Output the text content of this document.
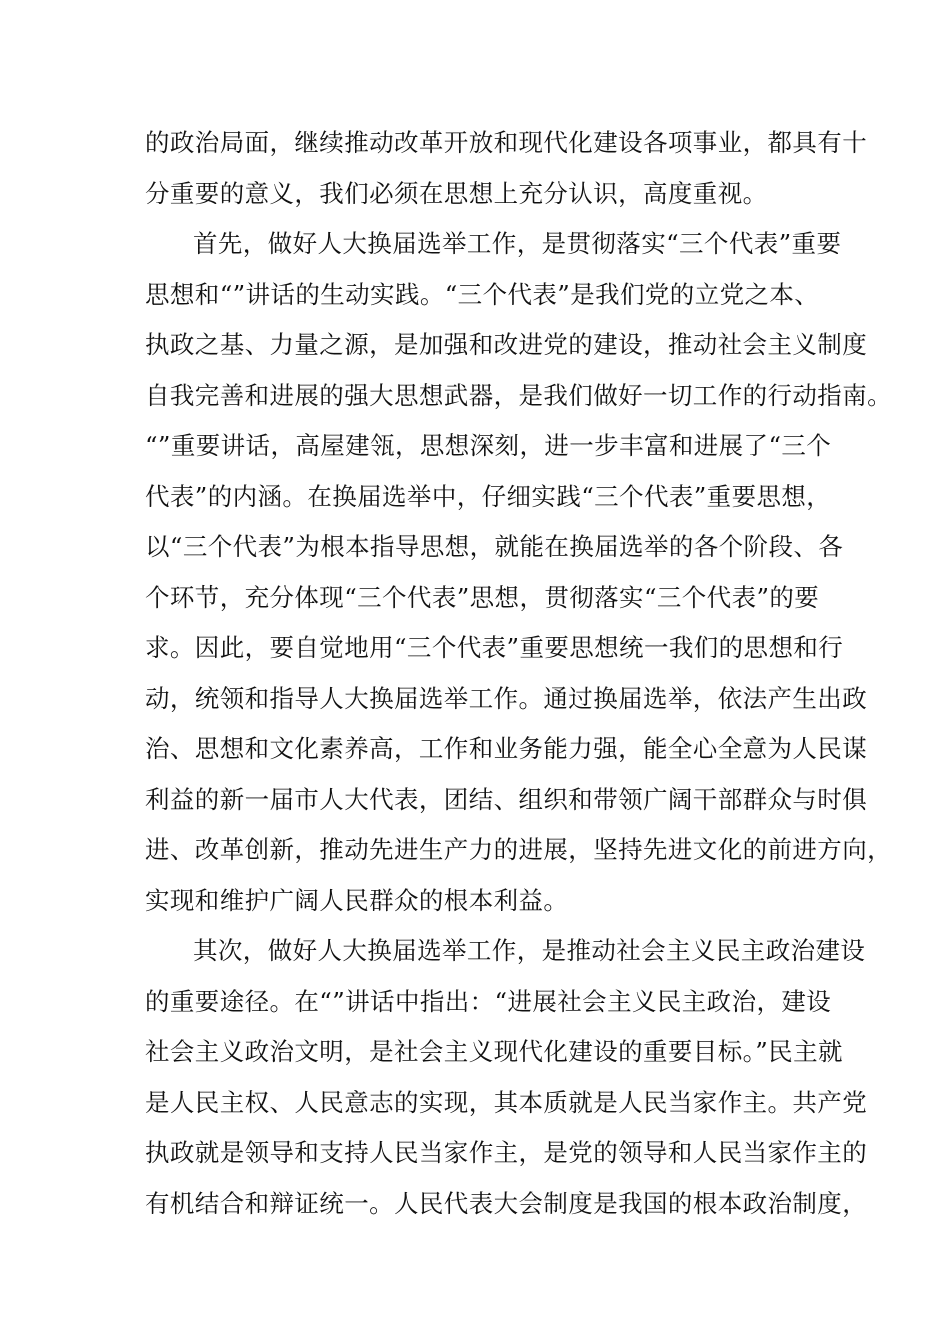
的政治局面，继续推动改革开放和现代化建设各项事业，都具有十
分重要的意义，我们必须在思想上充分认识，高度重视。
首先，做好人大换届选举工作，是贯彻落实“三个代表”重要
思想和“”讲话的生动实践。“三个代表”是我们党的立党之本、
执政之基、力量之源，是加强和改进党的建设，推动社会主义制度
自我完善和进展的强大思想武器，是我们做好一切工作的行动指南。
“”重要讲话，高屋建瓴，思想深刻，进一步丰富和进展了“三个
代表”的内涵。在换届选举中，仔细实践“三个代表”重要思想，
以“三个代表”为根本指导思想，就能在换届选举的各个阶段、各
个环节，充分体现“三个代表”思想，贯彻落实“三个代表”的要
求。因此，要自觉地用“三个代表”重要思想统一我们的思想和行
动，统领和指导人大换届选举工作。通过换届选举，依法产生出政
治、思想和文化素养高，工作和业务能力强，能全心全意为人民谋
利益的新一届市人大代表，团结、组织和带领广阔干部群众与时俱
进、改革创新，推动先进生产力的进展，坚持先进文化的前进方向，
实现和维护广阔人民群众的根本利益。
其次，做好人大换届选举工作，是推动社会主义民主政治建设
的重要途径。在“”讲话中指出：“进展社会主义民主政治，建设
社会主义政治文明，是社会主义现代化建设的重要目标。”民主就
是人民主权、人民意志的实现，其本质就是人民当家作主。共产党
执政就是领导和支持人民当家作主，是党的领导和人民当家作主的
有机结合和辩证统一。人民代表大会制度是我国的根本政治制度，
